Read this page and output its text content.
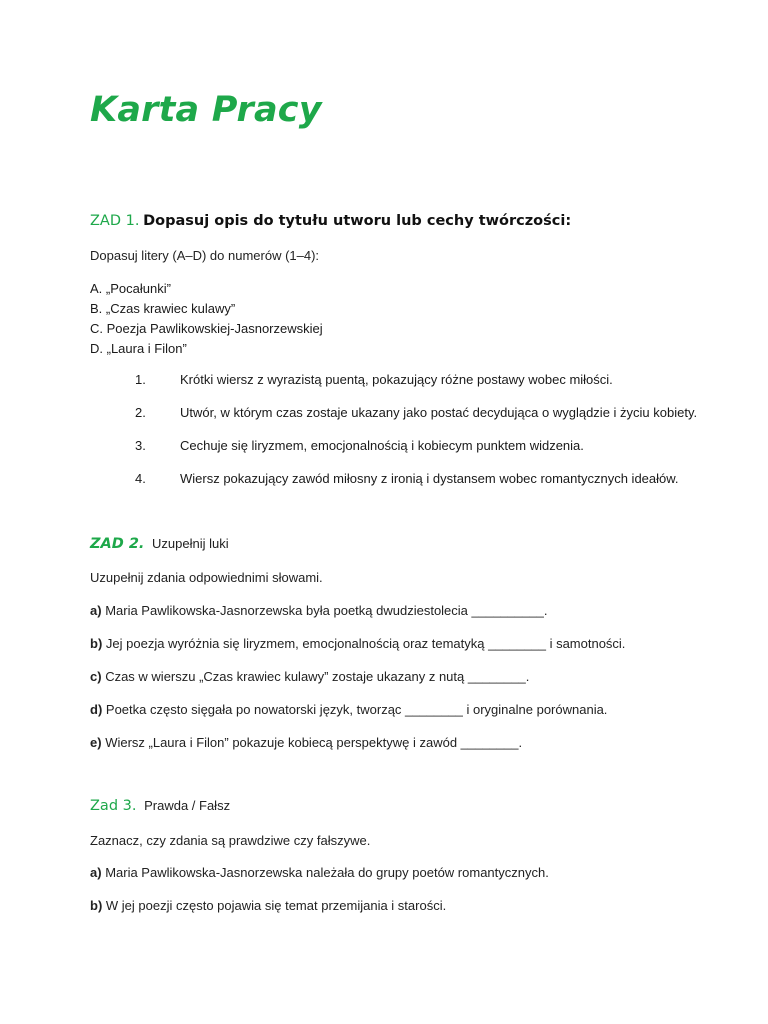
Karta Pracy
ZAD 1. Dopasuj opis do tytułu utworu lub cechy twórczości:
Dopasuj litery (A–D) do numerów (1–4):
A. „Pocałunki”
B. „Czas krawiec kulawy”
C. Poezja Pawlikowskiej-Jasnorzewskiej
D. „Laura i Filon”
1.	Krótki wiersz z wyrazistą puentą, pokazujący różne postawy wobec miłości.
2.	Utwór, w którym czas zostaje ukazany jako postać decydująca o wyglądzie i życiu kobiety.
3.	Cechuje się liryzmem, emocjonalnością i kobiecym punktem widzenia.
4.	Wiersz pokazujący zawód miłosny z ironią i dystansem wobec romantycznych ideałów.
ZAD 2. Uzupełnij luki
Uzupełnij zdania odpowiednimi słowami.
a) Maria Pawlikowska-Jasnorzewska była poetką dwudziestolecia __________.
b) Jej poezja wyróżnia się liryzmem, emocjonalnością oraz tematyką ________ i samotności.
c) Czas w wierszu „Czas krawiec kulawy” zostaje ukazany z nutą ________.
d) Poetka często sięgała po nowatorski język, tworząc ________ i oryginalne porównania.
e) Wiersz „Laura i Filon” pokazuje kobiecą perspektywę i zawód ________.
Zad 3. Prawda / Fałsz
Zaznacz, czy zdania są prawdziwe czy fałszywe.
a) Maria Pawlikowska-Jasnorzewska należała do grupy poetów romantycznych.
b) W jej poezji często pojawia się temat przemijania i starości.
